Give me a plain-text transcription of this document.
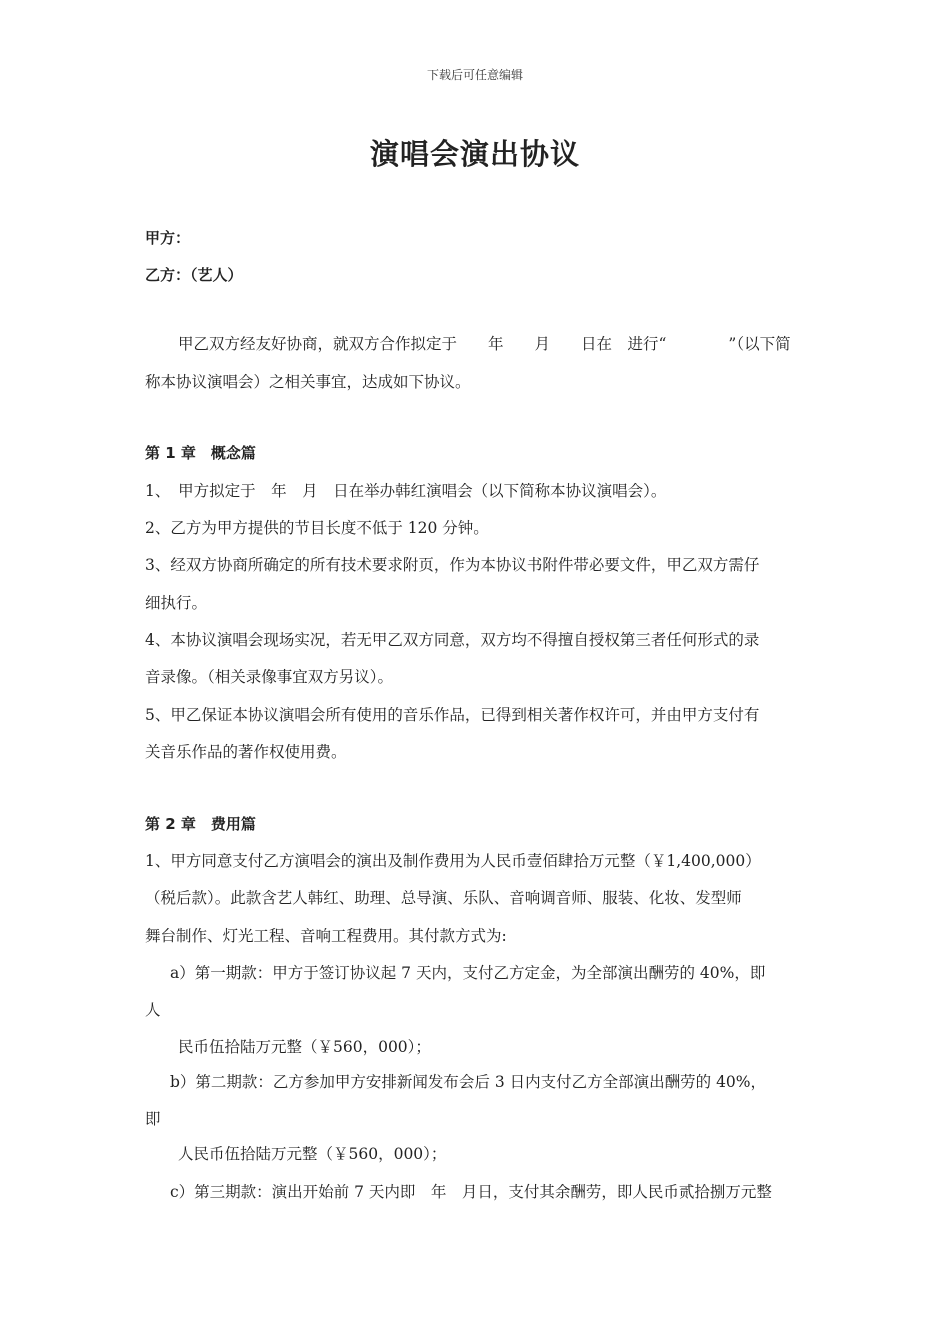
下载后可任意编辑
演唱会演出协议
甲方：
乙方：（艺人）
甲乙双方经友好协商，就双方合作拟定于　　年　　月　　日在　进行“　　　　”（以下简
称本协议演唱会）之相关事宜，达成如下协议。
第 1 章　概念篇
1、　甲方拟定于　年　月　日在举办韩红演唱会（以下简称本协议演唱会）。
2、乙方为甲方提供的节目长度不低于 120 分钟。
3、经双方协商所确定的所有技术要求附页，作为本协议书附件带必要文件，甲乙双方需仔
细执行。
4、本协议演唱会现场实况，若无甲乙双方同意，双方均不得擅自授权第三者任何形式的录
音录像。（相关录像事宜双方另议）。
5、甲乙保证本协议演唱会所有使用的音乐作品，已得到相关著作权许可，并由甲方支付有
关音乐作品的著作权使用费。
第 2 章　费用篇
1、甲方同意支付乙方演唱会的演出及制作费用为人民币壹佰肆拾万元整（￥1,400,000）
（税后款）。此款含艺人韩红、助理、总导演、乐队、音响调音师、服装、化妆、发型师
舞台制作、灯光工程、音响工程费用。其付款方式为:
a）第一期款：甲方于签订协议起 7 天内，支付乙方定金，为全部演出酬劳的 40%，即
人
民币伍拾陆万元整（￥560，000）；
b）第二期款：乙方参加甲方安排新闻发布会后 3 日内支付乙方全部演出酬劳的 40%，
即
人民币伍拾陆万元整（￥560，000）；
c）第三期款：演出开始前 7 天内即　年　月日，支付其余酬劳，即人民币贰拾捌万元整
